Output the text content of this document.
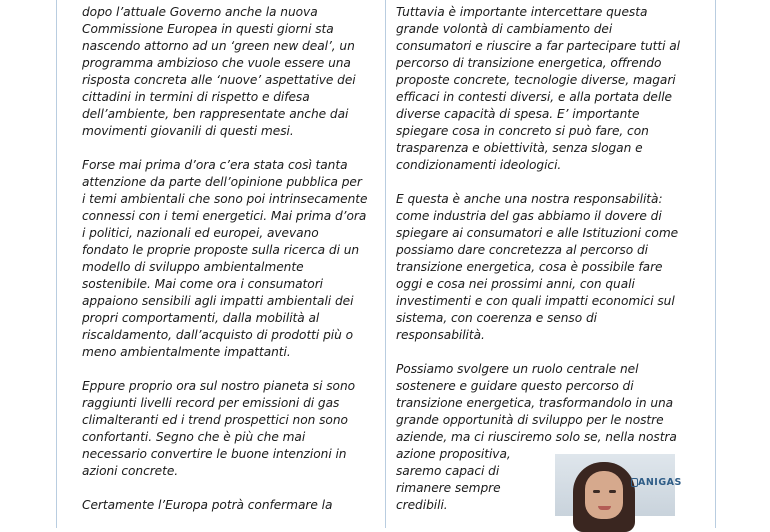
dopo l’attuale Governo anche la nuova
Commissione Europea in questi giorni sta
nascendo attorno ad un ‘green new deal’, un
programma ambizioso che vuole essere una
risposta concreta alle ‘nuove’ aspettative dei
cittadini in termini di rispetto e difesa
dell’ambiente, ben rappresentate anche dai
movimenti giovanili di questi mesi.

Forse mai prima d’ora c’era stata così tanta
attenzione da parte dell’opinione pubblica per
i temi ambientali che sono poi intrinsecamente
connessi con i temi energetici. Mai prima d’ora
i politici, nazionali ed europei, avevano
fondato le proprie proposte sulla ricerca di un
modello di sviluppo ambientalmente
sostenibile. Mai come ora i consumatori
appaiono sensibili agli impatti ambientali dei
propri comportamenti, dalla mobilità al
riscaldamento, dall’acquisto di prodotti più o
meno ambientalmente impattanti.

Eppure proprio ora sul nostro pianeta si sono
raggiunti livelli record per emissioni di gas
climalteranti ed i trend prospettici non sono
confortanti. Segno che è più che mai
necessario convertire le buone intenzioni in
azioni concrete.

Certamente l’Europa potrà confermare la

Tuttavia è importante intercettare questa
grande volontà di cambiamento dei
consumatori e riuscire a far partecipare tutti al
percorso di transizione energetica, offrendo
proposte concrete, tecnologie diverse, magari
efficaci in contesti diversi, e alla portata delle
diverse capacità di spesa. E’ importante
spiegare cosa in concreto si può fare, con
trasparenza e obiettività, senza slogan e
condizionamenti ideologici.

E questa è anche una nostra responsabilità:
come industria del gas abbiamo il dovere di
spiegare ai consumatori e alle Istituzioni come
possiamo dare concretezza al percorso di
transizione energetica, cosa è possibile fare
oggi e cosa nei prossimi anni, con quali
investimenti e con quali impatti economici sul
sistema, con coerenza e senso di
responsabilità.

Possiamo svolgere un ruolo centrale nel
sostenere e guidare questo percorso di
transizione energetica, trasformandolo in una
grande opportunità di sviluppo per le nostre
aziende, ma ci riusciremo solo se, nella nostra
azione propositiva,
saremo capaci di
rimanere sempre
credibili.

ANIGAS
